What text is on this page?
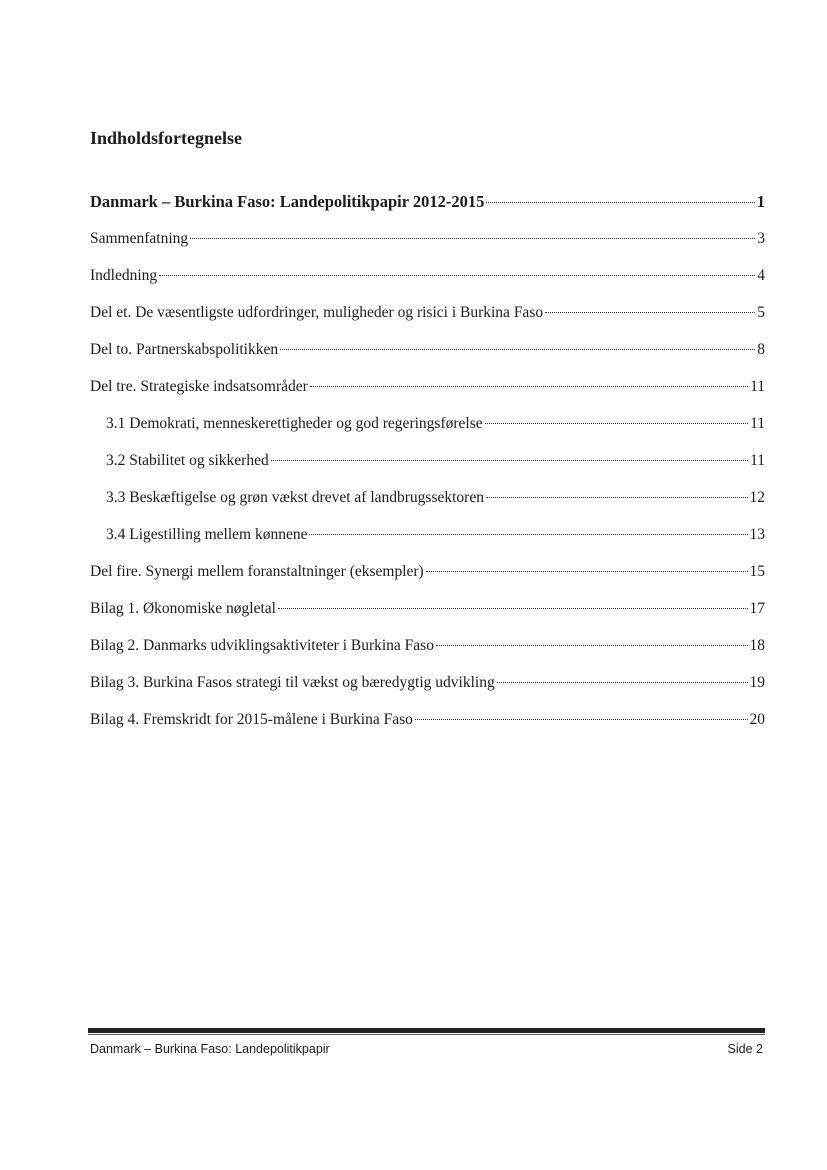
Indholdsfortegnelse
Danmark – Burkina Faso: Landepolitikpapir 2012-2015	1
Sammenfatning	3
Indledning	4
Del et. De væsentligste udfordringer, muligheder og risici i Burkina Faso	5
Del to. Partnerskabspolitikken	8
Del tre. Strategiske indsatsområder	11
3.1 Demokrati, menneskerettigheder og god regeringsførelse	11
3.2 Stabilitet og sikkerhed	11
3.3 Beskæftigelse og grøn vækst drevet af landbrugssektoren	12
3.4 Ligestilling mellem kønnene	13
Del fire. Synergi mellem foranstaltninger (eksempler)	15
Bilag 1. Økonomiske nøgletal	17
Bilag 2. Danmarks udviklingsaktiviteter i Burkina Faso	18
Bilag 3. Burkina Fasos strategi til vækst og bæredygtig udvikling	19
Bilag 4. Fremskridt for 2015-målene i Burkina Faso	20
Danmark – Burkina Faso: Landepolitikpapir	Side 2
